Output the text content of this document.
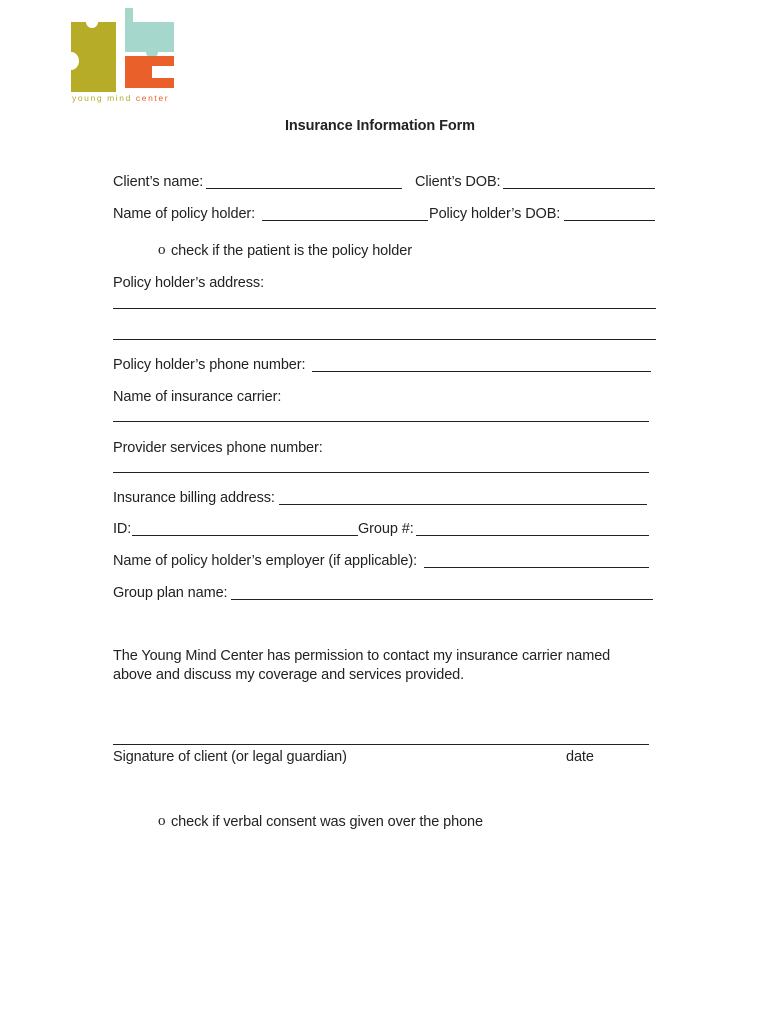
young mind center
Insurance Information Form
Client’s name:	Client’s DOB:
Name of policy holder:	Policy holder’s DOB:
o check if the patient is the policy holder
Policy holder’s address:
Policy holder’s phone number:
Name of insurance carrier:
Provider services phone number:
Insurance billing address:
ID:	Group #:
Name of policy holder’s employer (if applicable):
Group plan name:
The Young Mind Center has permission to contact my insurance carrier named
above and discuss my coverage and services provided.
Signature of client (or legal guardian)	date
o check if verbal consent was given over the phone
